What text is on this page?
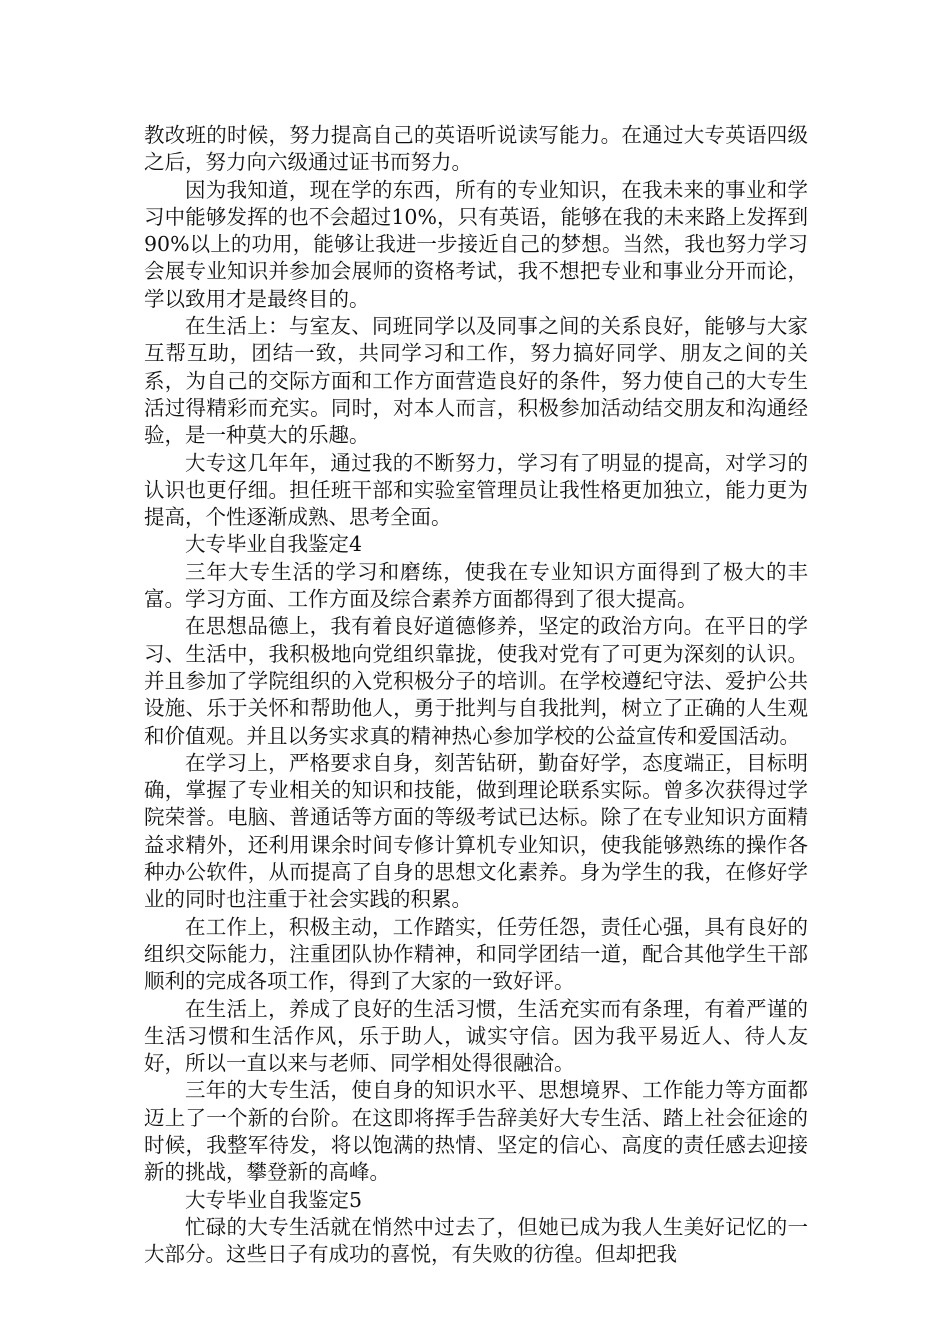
教改班的时候，努力提高自己的英语听说读写能力。在通过大专英语四级之后，努力向六级通过证书而努力。

因为我知道，现在学的东西，所有的专业知识，在我未来的事业和学习中能够发挥的也不会超过10%，只有英语，能够在我的未来路上发挥到90%以上的功用，能够让我进一步接近自己的梦想。当然，我也努力学习会展专业知识并参加会展师的资格考试，我不想把专业和事业分开而论，学以致用才是最终目的。

在生活上：与室友、同班同学以及同事之间的关系良好，能够与大家互帮互助，团结一致，共同学习和工作，努力搞好同学、朋友之间的关系，为自己的交际方面和工作方面营造良好的条件，努力使自己的大专生活过得精彩而充实。同时，对本人而言，积极参加活动结交朋友和沟通经验，是一种莫大的乐趣。

大专这几年年，通过我的不断努力，学习有了明显的提高，对学习的认识也更仔细。担任班干部和实验室管理员让我性格更加独立，能力更为提高，个性逐渐成熟、思考全面。

大专毕业自我鉴定4

三年大专生活的学习和磨练，使我在专业知识方面得到了极大的丰富。学习方面、工作方面及综合素养方面都得到了很大提高。

在思想品德上，我有着良好道德修养，坚定的政治方向。在平日的学习、生活中，我积极地向党组织靠拢，使我对党有了可更为深刻的认识。并且参加了学院组织的入党积极分子的培训。在学校遵纪守法、爱护公共设施、乐于关怀和帮助他人，勇于批判与自我批判，树立了正确的人生观和价值观。并且以务实求真的精神热心参加学校的公益宣传和爱国活动。

在学习上，严格要求自身，刻苦钻研，勤奋好学，态度端正，目标明确，掌握了专业相关的知识和技能，做到理论联系实际。曾多次获得过学院荣誉。电脑、普通话等方面的等级考试已达标。除了在专业知识方面精益求精外，还利用课余时间专修计算机专业知识，使我能够熟练的操作各种办公软件，从而提高了自身的思想文化素养。身为学生的我，在修好学业的同时也注重于社会实践的积累。

在工作上，积极主动，工作踏实，任劳任怨，责任心强，具有良好的组织交际能力，注重团队协作精神，和同学团结一道，配合其他学生干部顺利的完成各项工作，得到了大家的一致好评。

在生活上，养成了良好的生活习惯，生活充实而有条理，有着严谨的生活习惯和生活作风，乐于助人，诚实守信。因为我平易近人、待人友好，所以一直以来与老师、同学相处得很融洽。

三年的大专生活，使自身的知识水平、思想境界、工作能力等方面都迈上了一个新的台阶。在这即将挥手告辞美好大专生活、踏上社会征途的时候，我整军待发，将以饱满的热情、坚定的信心、高度的责任感去迎接新的挑战，攀登新的高峰。

大专毕业自我鉴定5

忙碌的大专生活就在悄然中过去了，但她已成为我人生美好记忆的一大部分。这些日子有成功的喜悦，有失败的彷徨。但却把我
